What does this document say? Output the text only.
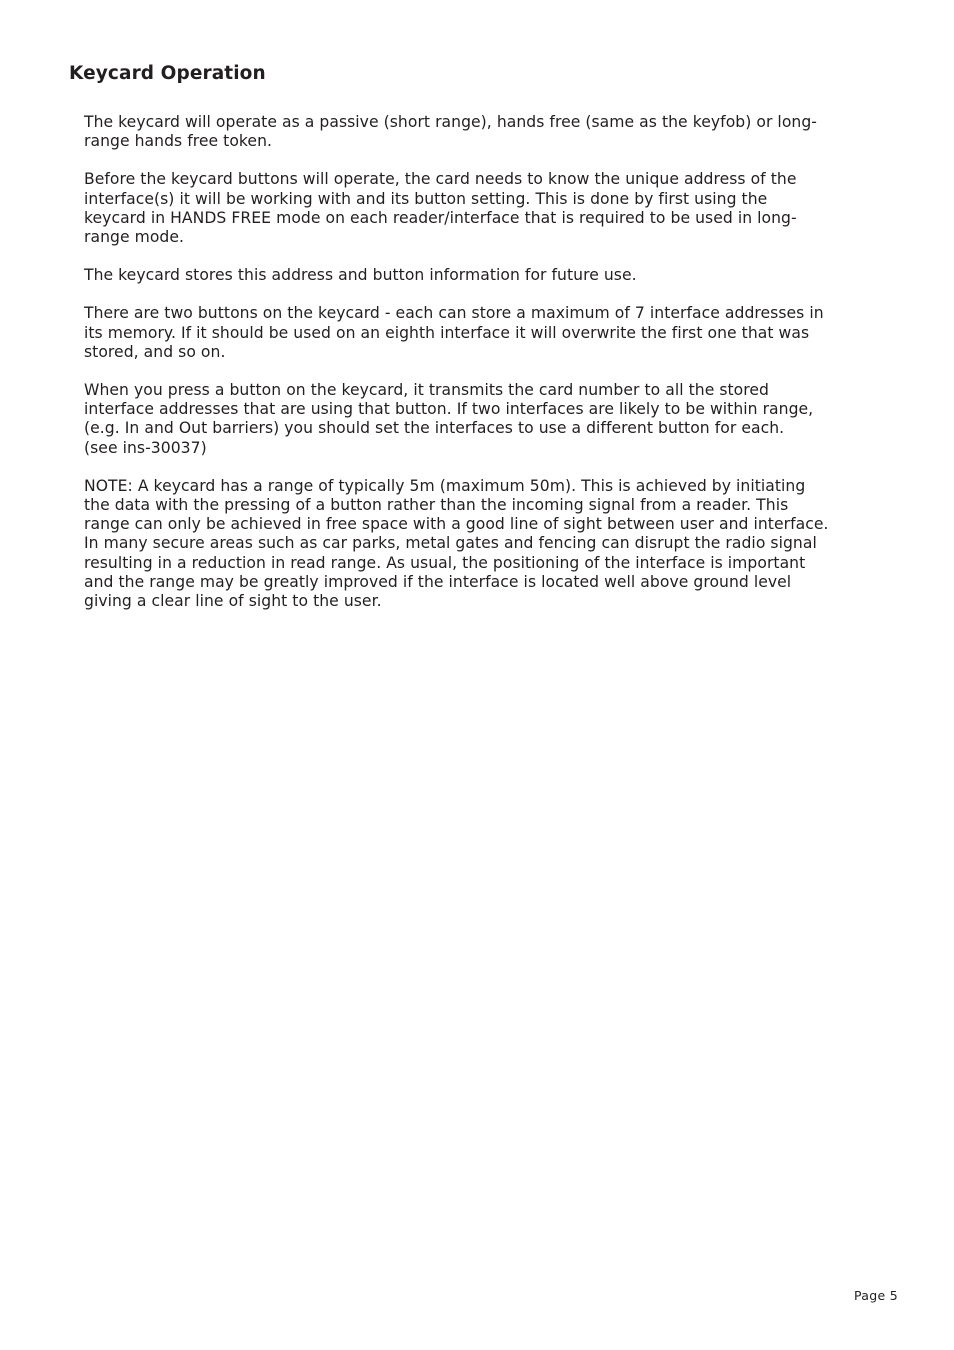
Keycard Operation

The keycard will operate as a passive (short range), hands free (same as the keyfob) or long-
range hands free token.

Before the keycard buttons will operate, the card needs to know the unique address of the
interface(s) it will be working with and its button setting. This is done by first using the
keycard in HANDS FREE mode on each reader/interface that is required to be used in long-
range mode.

The keycard stores this address and button information for future use.

There are two buttons on the keycard - each can store a maximum of 7 interface addresses in
its memory. If it should be used on an eighth interface it will overwrite the first one that was
stored, and so on.

When you press a button on the keycard, it transmits the card number to all the stored
interface addresses that are using that button. If two interfaces are likely to be within range,
(e.g. In and Out barriers) you should set the interfaces to use a different button for each.
(see ins-30037)

NOTE: A keycard has a range of typically 5m (maximum 50m). This is achieved by initiating
the data with the pressing of a button rather than the incoming signal from a reader. This
range can only be achieved in free space with a good line of sight between user and interface.
In many secure areas such as car parks, metal gates and fencing can disrupt the radio signal
resulting in a reduction in read range. As usual, the positioning of the interface is important
and the range may be greatly improved if the interface is located well above ground level
giving a clear line of sight to the user.

Page 5
